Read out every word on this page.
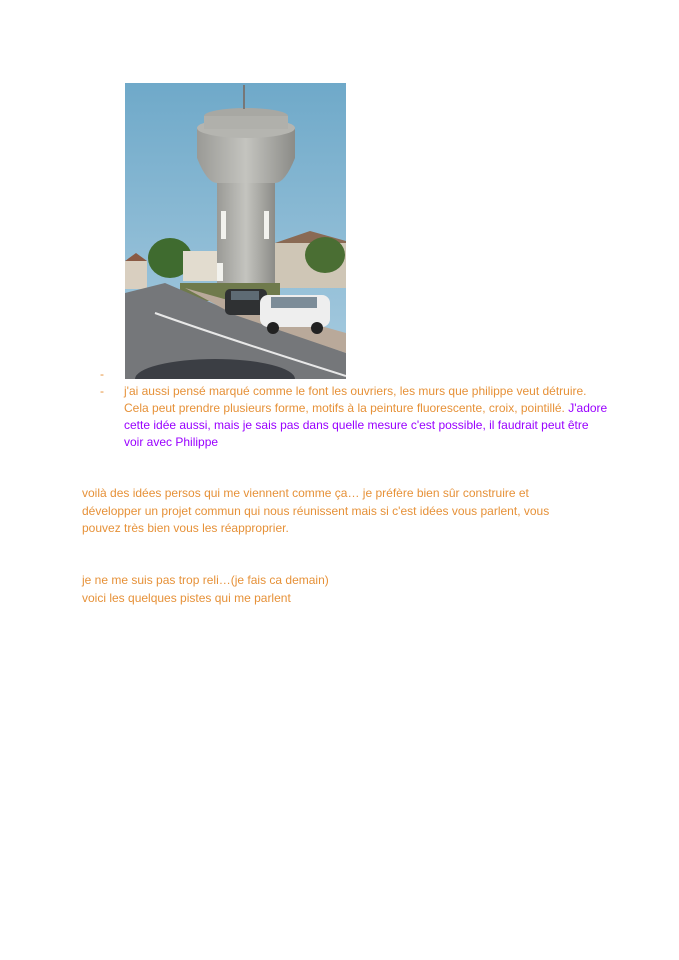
-

- j'ai aussi pensé marqué comme le font les ouvriers, les murs que philippe veut détruire. Cela peut prendre plusieurs forme, motifs à la peinture fluorescente, croix, pointillé. J'adore cette idée aussi, mais je sais pas dans quelle mesure c'est possible, il faudrait peut être voir avec Philippe
voilà des idées persos qui me viennent comme ça… je préfère bien sûr construire et
développer un projet commun qui nous réunissent mais si c'est idées vous parlent, vous
pouvez très bien vous les réapproprier.
je ne me suis pas trop reli…(je fais ca demain)
voici les quelques pistes qui me parlent
